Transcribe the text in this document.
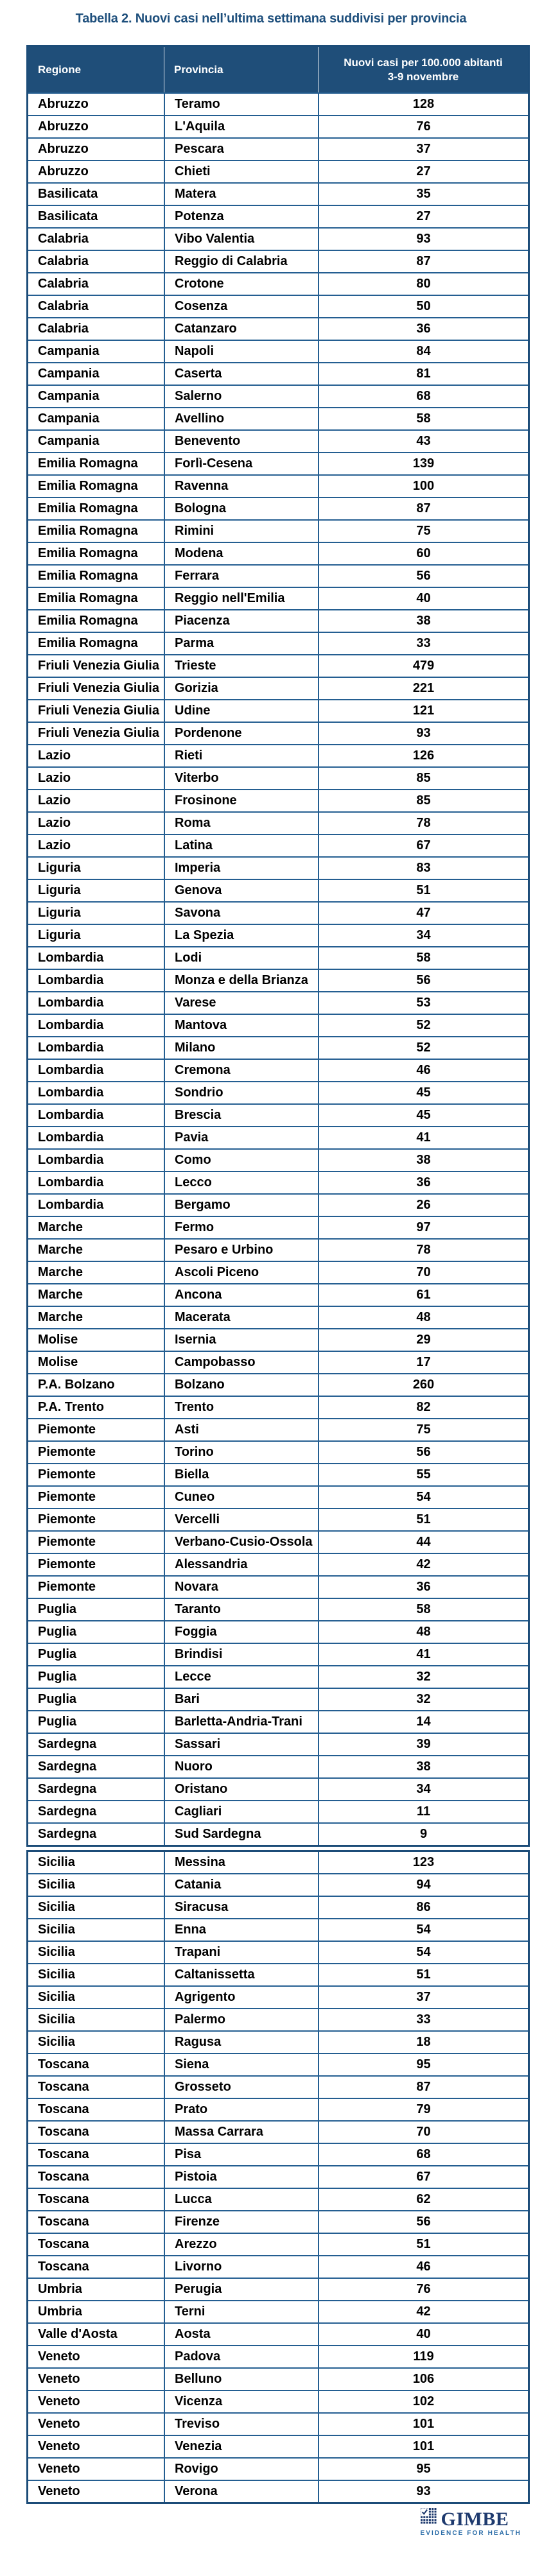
Tabella 2. Nuovi casi nell’ultima settimana suddivisi per provincia
Regione	Provincia
Nuovi casi per 100.000 abitanti
3-9 novembre
Abruzzo	Teramo	128
Abruzzo	L'Aquila	76
Abruzzo	Pescara	37
Abruzzo	Chieti	27
Basilicata	Matera	35
Basilicata	Potenza	27
Calabria	Vibo Valentia	93
Calabria	Reggio di Calabria	87
Calabria	Crotone	80
Calabria	Cosenza	50
Calabria	Catanzaro	36
Campania	Napoli	84
Campania	Caserta	81
Campania	Salerno	68
Campania	Avellino	58
Campania	Benevento	43
Emilia Romagna	Forlì-Cesena	139
Emilia Romagna	Ravenna	100
Emilia Romagna	Bologna	87
Emilia Romagna	Rimini	75
Emilia Romagna	Modena	60
Emilia Romagna	Ferrara	56
Emilia Romagna	Reggio nell'Emilia	40
Emilia Romagna	Piacenza	38
Emilia Romagna	Parma	33
Friuli Venezia Giulia	Trieste	479
Friuli Venezia Giulia	Gorizia	221
Friuli Venezia Giulia	Udine	121
Friuli Venezia Giulia	Pordenone	93
Lazio	Rieti	126
Lazio	Viterbo	85
Lazio	Frosinone	85
Lazio	Roma	78
Lazio	Latina	67
Liguria	Imperia	83
Liguria	Genova	51
Liguria	Savona	47
Liguria	La Spezia	34
Lombardia	Lodi	58
Lombardia	Monza e della Brianza	56
Lombardia	Varese	53
Lombardia	Mantova	52
Lombardia	Milano	52
Lombardia	Cremona	46
Lombardia	Sondrio	45
Lombardia	Brescia	45
Lombardia	Pavia	41
Lombardia	Como	38
Lombardia	Lecco	36
Lombardia	Bergamo	26
Marche	Fermo	97
Marche	Pesaro e Urbino	78
Marche	Ascoli Piceno	70
Marche	Ancona	61
Marche	Macerata	48
Molise	Isernia	29
Molise	Campobasso	17
P.A. Bolzano	Bolzano	260
P.A. Trento	Trento	82
Piemonte	Asti	75
Piemonte	Torino	56
Piemonte	Biella	55
Piemonte	Cuneo	54
Piemonte	Vercelli	51
Piemonte	Verbano-Cusio-Ossola	44
Piemonte	Alessandria	42
Piemonte	Novara	36
Puglia	Taranto	58
Puglia	Foggia	48
Puglia	Brindisi	41
Puglia	Lecce	32
Puglia	Bari	32
Puglia	Barletta-Andria-Trani	14
Sardegna	Sassari	39
Sardegna	Nuoro	38
Sardegna	Oristano	34
Sardegna	Cagliari	11
Sardegna	Sud Sardegna	9
Sicilia	Messina	123
Sicilia	Catania	94
Sicilia	Siracusa	86
Sicilia	Enna	54
Sicilia	Trapani	54
Sicilia	Caltanissetta	51
Sicilia	Agrigento	37
Sicilia	Palermo	33
Sicilia	Ragusa	18
Toscana	Siena	95
Toscana	Grosseto	87
Toscana	Prato	79
Toscana	Massa Carrara	70
Toscana	Pisa	68
Toscana	Pistoia	67
Toscana	Lucca	62
Toscana	Firenze	56
Toscana	Arezzo	51
Toscana	Livorno	46
Umbria	Perugia	76
Umbria	Terni	42
Valle d'Aosta	Aosta	40
Veneto	Padova	119
Veneto	Belluno	106
Veneto	Vicenza	102
Veneto	Treviso	101
Veneto	Venezia	101
Veneto	Rovigo	95
Veneto	Verona	93
GIMBE
EVIDENCE FOR HEALTH
